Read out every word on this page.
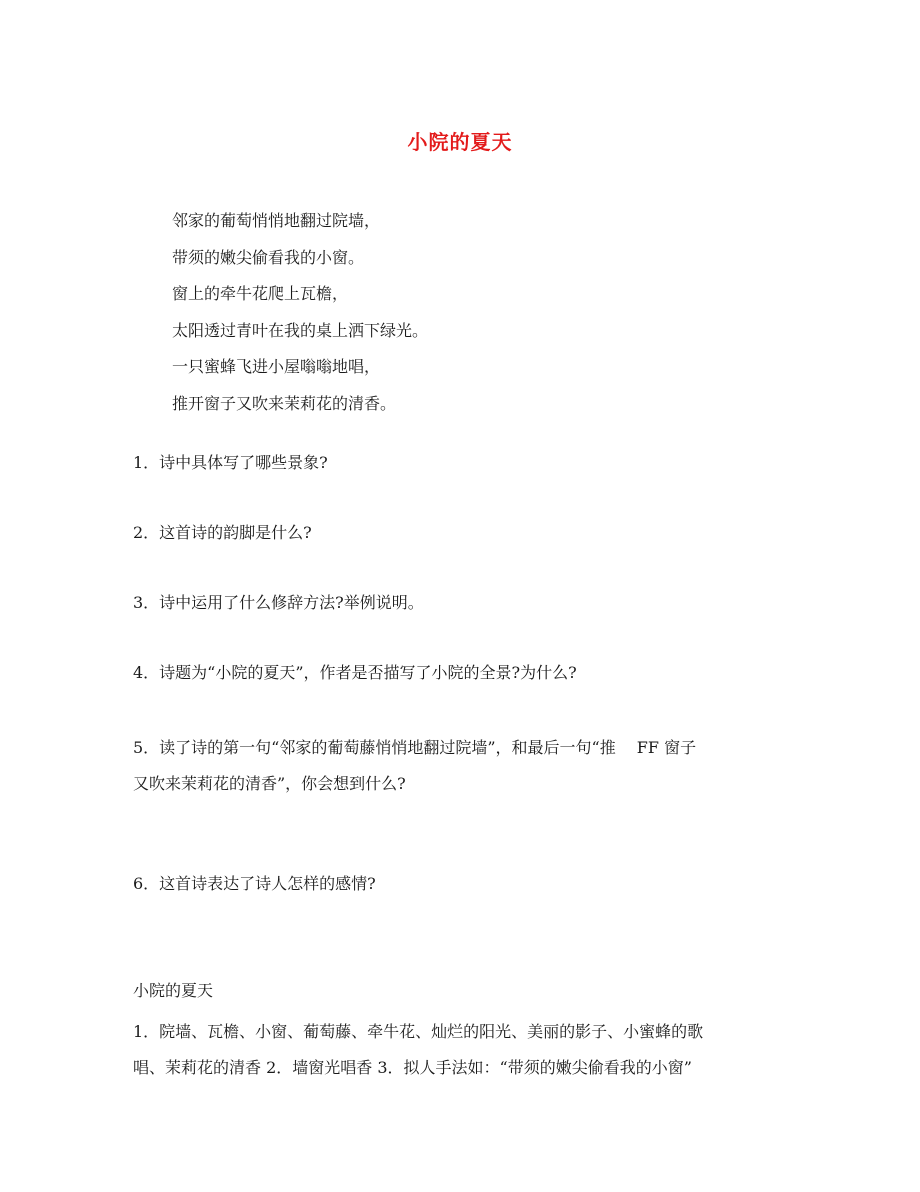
小院的夏天
邻家的葡萄悄悄地翻过院墙，
带须的嫩尖偷看我的小窗。
窗上的牵牛花爬上瓦檐，
太阳透过青叶在我的桌上洒下绿光。
一只蜜蜂飞进小屋嗡嗡地唱，
推开窗子又吹来茉莉花的清香。
1．诗中具体写了哪些景象?
2．这首诗的韵脚是什么?
3．诗中运用了什么修辞方法?举例说明。
4．诗题为“小院的夏天”，作者是否描写了小院的全景?为什么?
5．读了诗的第一句“邻家的葡萄藤悄悄地翻过院墙”，和最后一句“推　 FF 窗子
又吹来茉莉花的清香”，你会想到什么?
6．这首诗表达了诗人怎样的感情?
小院的夏天
1．院墙、瓦檐、小窗、葡萄藤、牵牛花、灿烂的阳光、美丽的影子、小蜜蜂的歌
唱、茉莉花的清香 2．墙窗光唱香 3．拟人手法如：“带须的嫩尖偷看我的小窗”
